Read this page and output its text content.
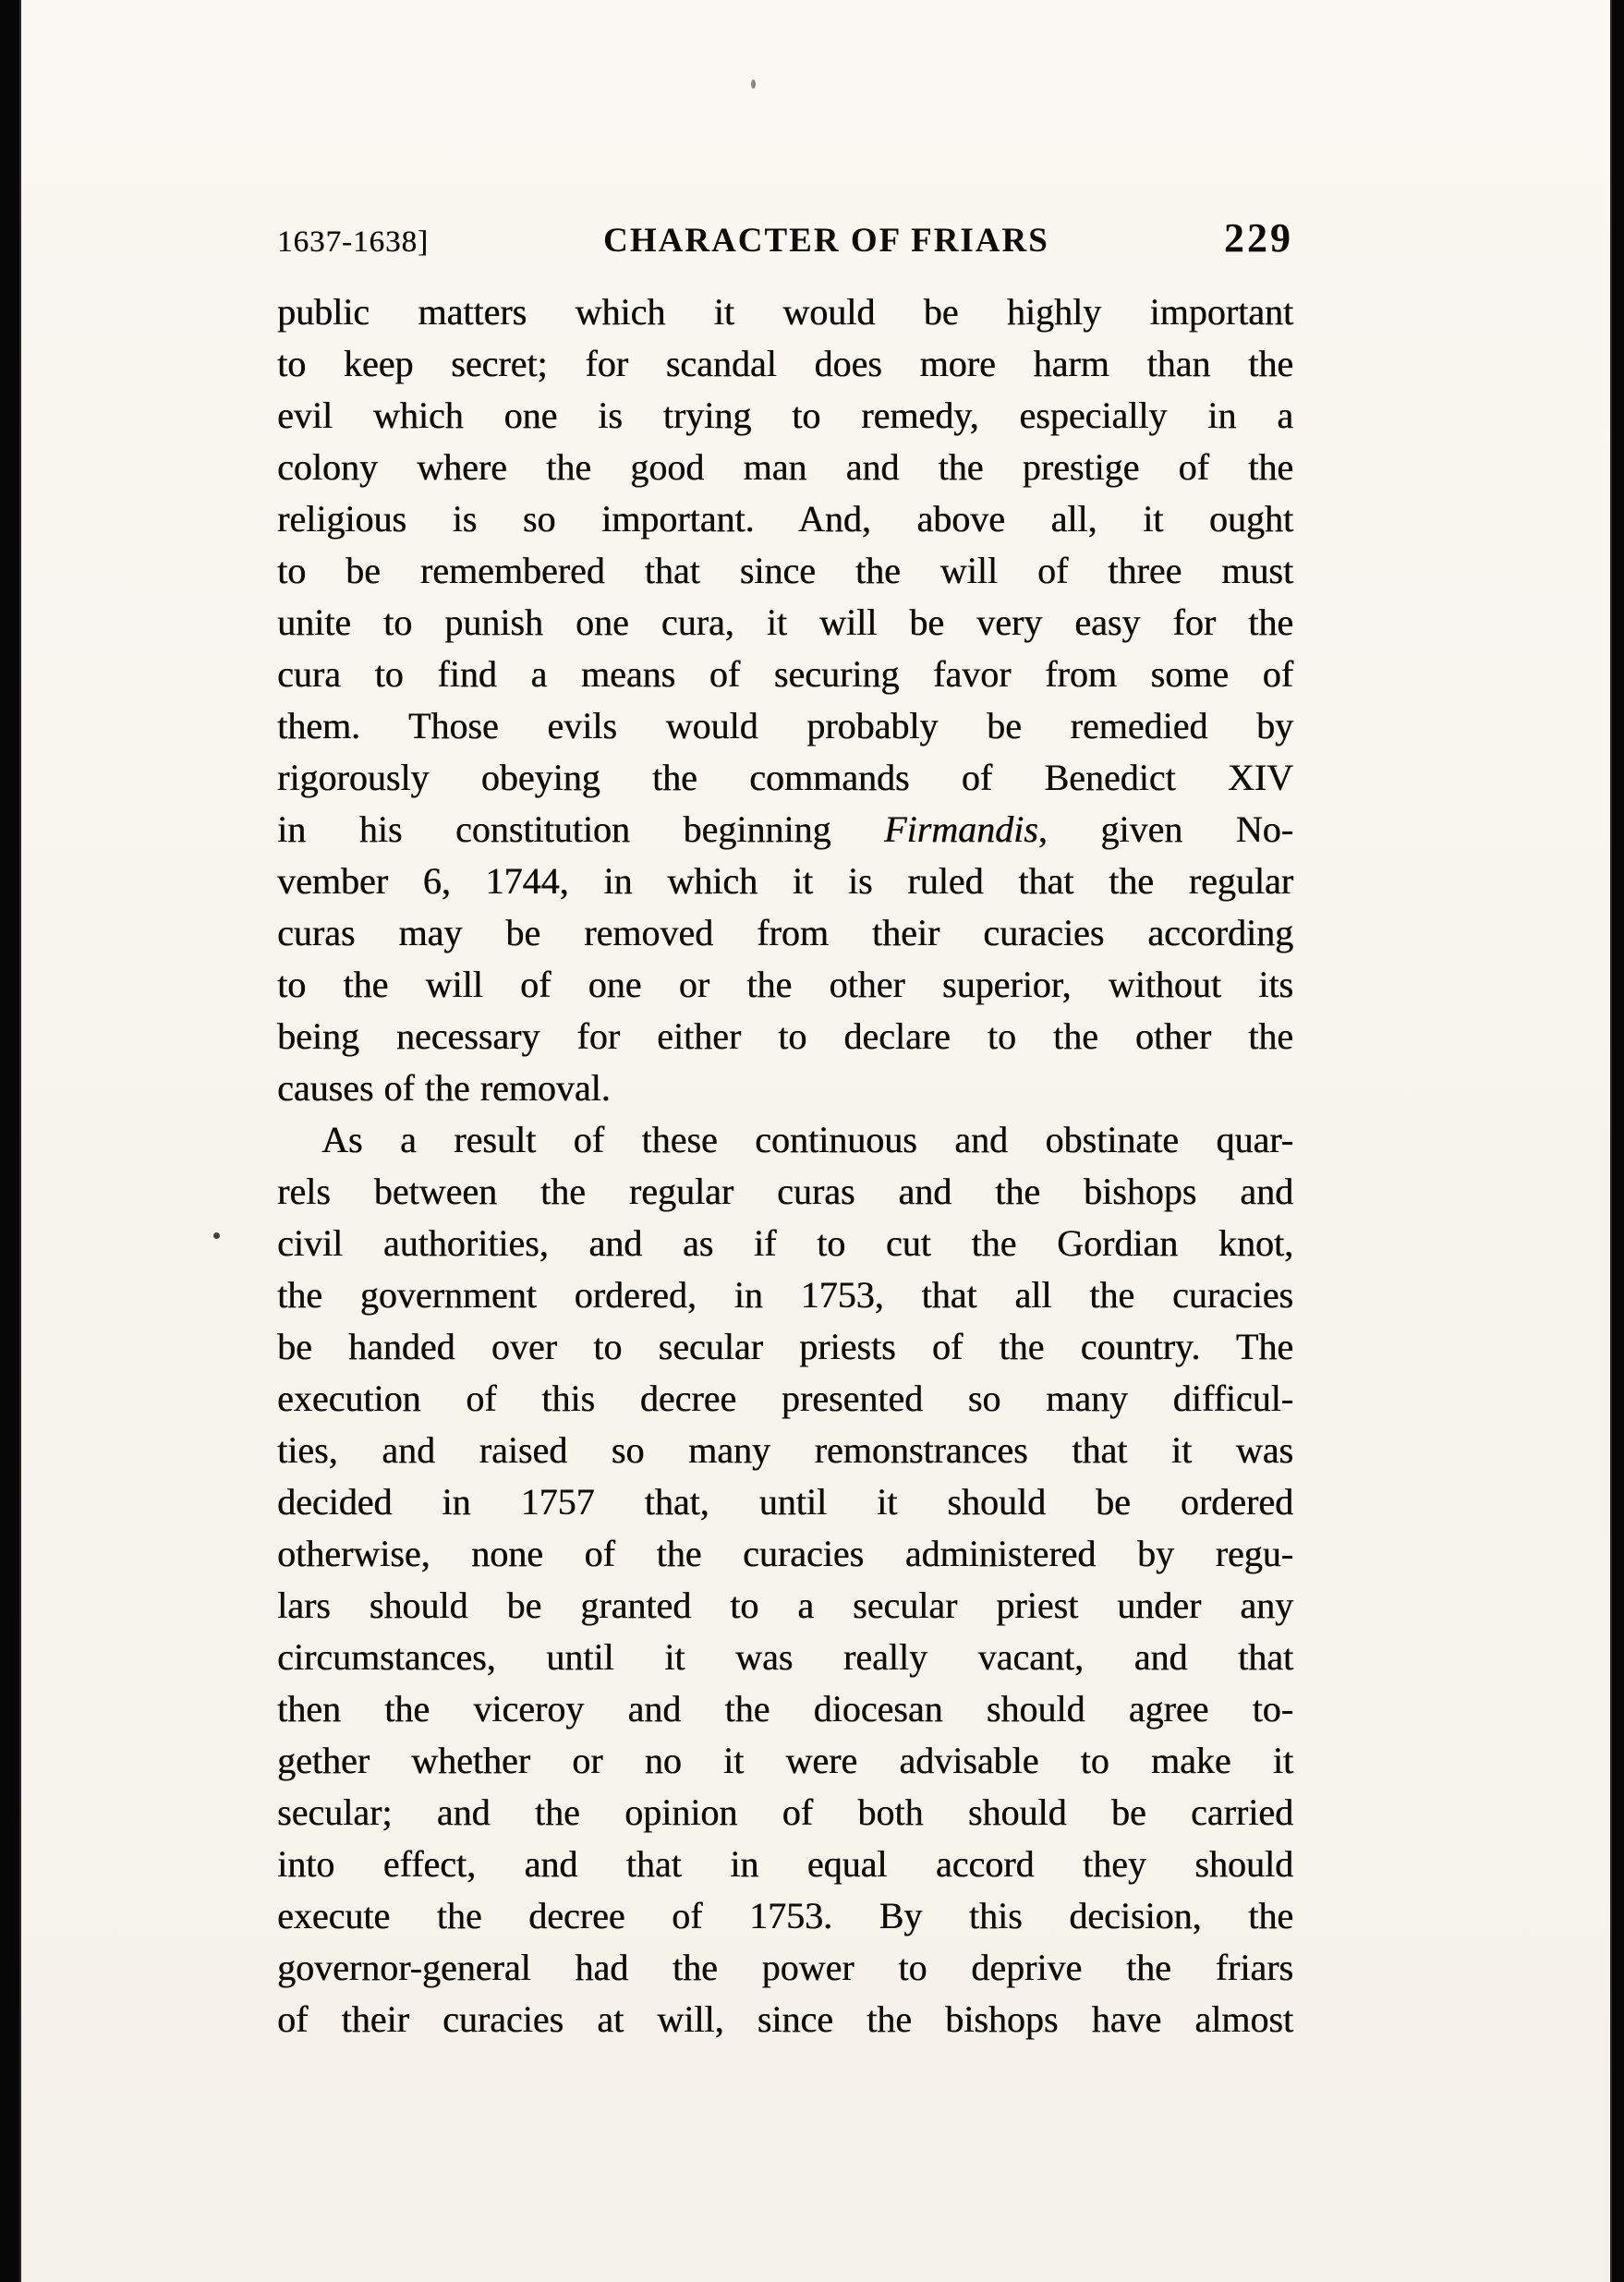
1637-1638]	CHARACTER OF FRIARS	229
public matters which it would be highly important
to keep secret; for scandal does more harm than the
evil which one is trying to remedy, especially in a
colony where the good man and the prestige of the
religious is so important. And, above all, it ought
to be remembered that since the will of three must
unite to punish one cura, it will be very easy for the
cura to find a means of securing favor from some of
them. Those evils would probably be remedied by
rigorously obeying the commands of Benedict XIV
in his constitution beginning Firmandis, given No-
vember 6, 1744, in which it is ruled that the regular
curas may be removed from their curacies according
to the will of one or the other superior, without its
being necessary for either to declare to the other the
causes of the removal.
As a result of these continuous and obstinate quar-
rels between the regular curas and the bishops and
civil authorities, and as if to cut the Gordian knot,
the government ordered, in 1753, that all the curacies
be handed over to secular priests of the country. The
execution of this decree presented so many difficul-
ties, and raised so many remonstrances that it was
decided in 1757 that, until it should be ordered
otherwise, none of the curacies administered by regu-
lars should be granted to a secular priest under any
circumstances, until it was really vacant, and that
then the viceroy and the diocesan should agree to-
gether whether or no it were advisable to make it
secular; and the opinion of both should be carried
into effect, and that in equal accord they should
execute the decree of 1753. By this decision, the
governor-general had the power to deprive the friars
of their curacies at will, since the bishops have almost
